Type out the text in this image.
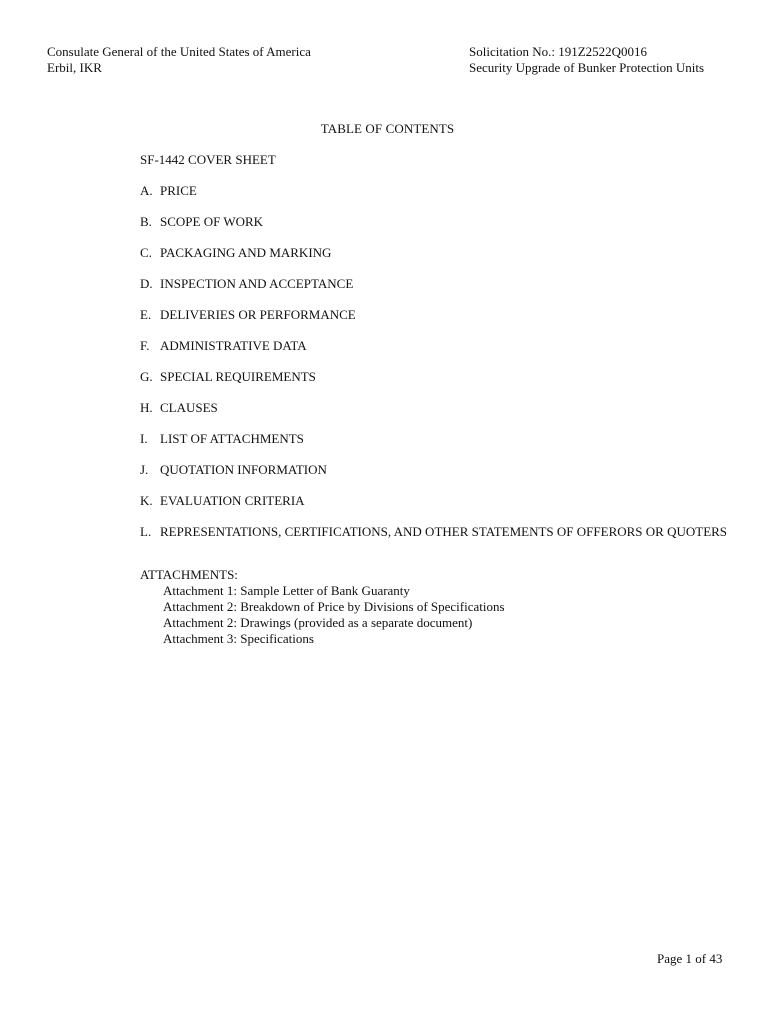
Consulate General of the United States of America
Erbil, IKR
Solicitation No.: 191Z2522Q0016
Security Upgrade of Bunker Protection Units
TABLE OF CONTENTS
SF-1442 COVER SHEET
A. PRICE
B. SCOPE OF WORK
C. PACKAGING AND MARKING
D. INSPECTION AND ACCEPTANCE
E. DELIVERIES OR PERFORMANCE
F. ADMINISTRATIVE DATA
G. SPECIAL REQUIREMENTS
H. CLAUSES
I. LIST OF ATTACHMENTS
J. QUOTATION INFORMATION
K. EVALUATION CRITERIA
L. REPRESENTATIONS, CERTIFICATIONS, AND OTHER STATEMENTS OF OFFERORS OR QUOTERS
ATTACHMENTS:
Attachment 1: Sample Letter of Bank Guaranty
Attachment 2: Breakdown of Price by Divisions of Specifications
Attachment 2: Drawings (provided as a separate document)
Attachment 3: Specifications
Page 1 of 43
